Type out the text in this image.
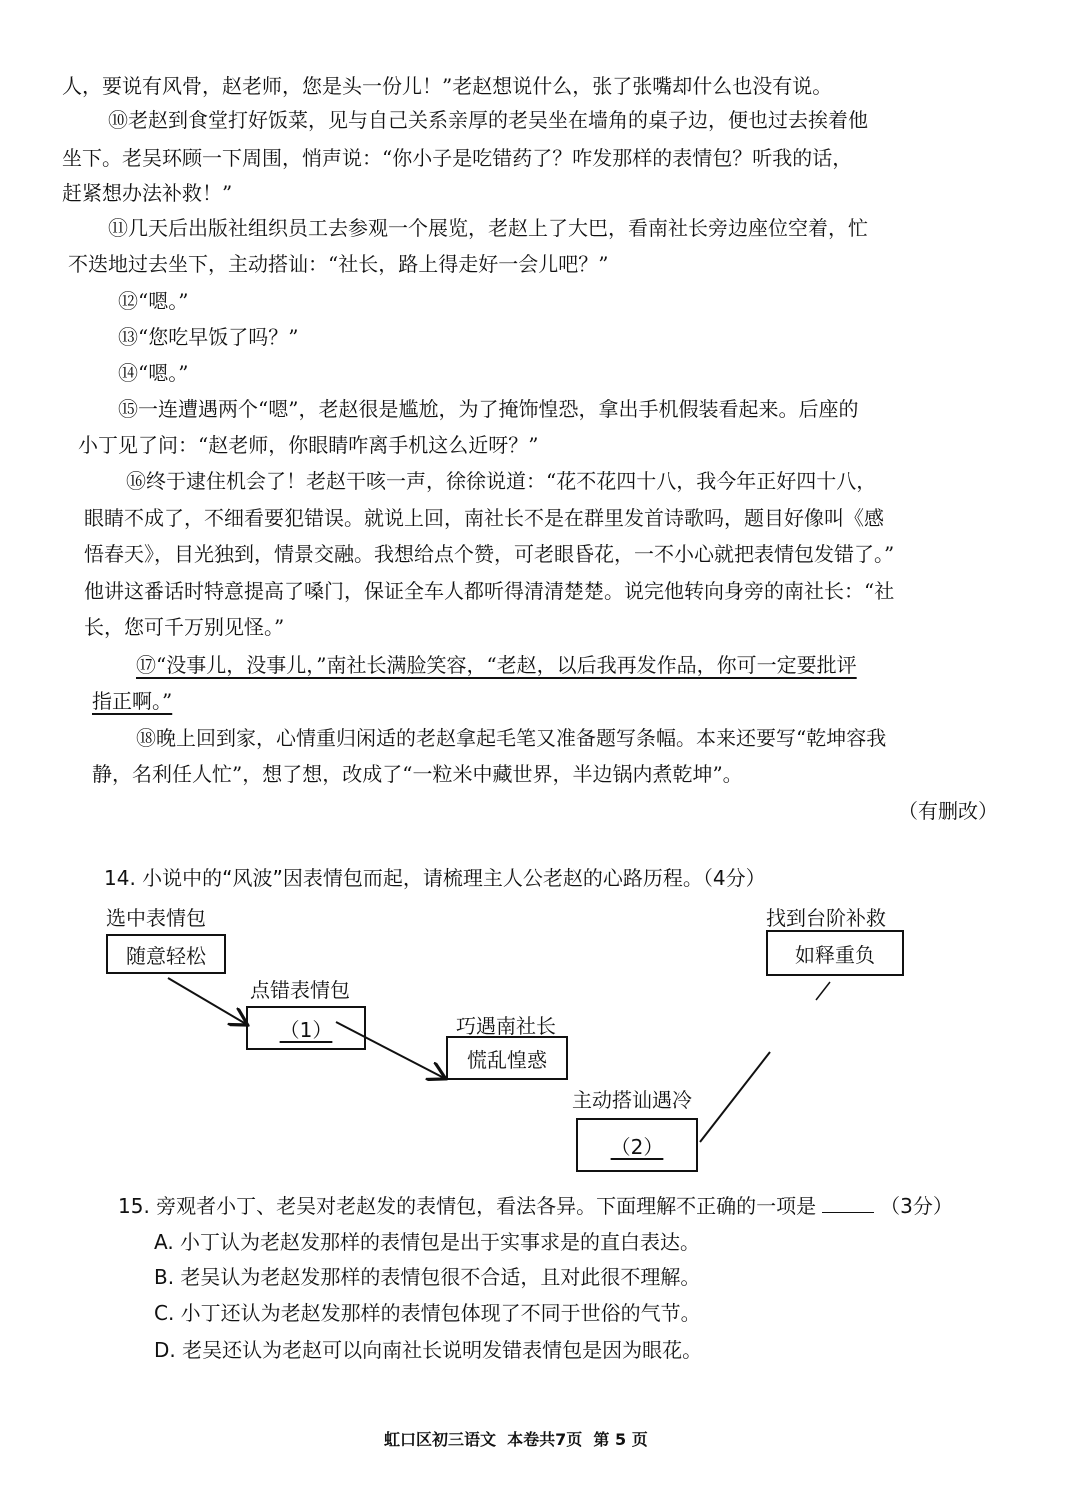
人，要说有风骨，赵老师，您是头一份儿！”老赵想说什么，张了张嘴却什么也没有说。
⑩老赵到食堂打好饭菜，见与自己关系亲厚的老吴坐在墙角的桌子边，便也过去挨着他
坐下。老吴环顾一下周围，悄声说：“你小子是吃错药了？咋发那样的表情包？听我的话，
赶紧想办法补救！”
⑪几天后出版社组织员工去参观一个展览，老赵上了大巴，看南社长旁边座位空着，忙
不迭地过去坐下，主动搭讪：“社长，路上得走好一会儿吧？”
⑫“嗯。”
⑬“您吃早饭了吗？”
⑭“嗯。”
⑮一连遭遇两个“嗯”，老赵很是尴尬，为了掩饰惶恐，拿出手机假装看起来。后座的
小丁见了问：“赵老师，你眼睛咋离手机这么近呀？”
⑯终于逮住机会了！老赵干咳一声，徐徐说道：“花不花四十八，我今年正好四十八，
眼睛不成了，不细看要犯错误。就说上回，南社长不是在群里发首诗歌吗，题目好像叫《感
悟春天》，目光独到，情景交融。我想给点个赞，可老眼昏花，一不小心就把表情包发错了。”
他讲这番话时特意提高了嗓门，保证全车人都听得清清楚楚。说完他转向身旁的南社长：“社
长，您可千万别见怪。”
⑰“没事儿，没事儿，”南社长满脸笑容，“老赵，以后我再发作品，你可一定要批评
指正啊。”
⑱晚上回到家，心情重归闲适的老赵拿起毛笔又准备题写条幅。本来还要写“乾坤容我
静，名利任人忙”，想了想，改成了“一粒米中藏世界，半边锅内煮乾坤”。
（有删改）
14. 小说中的“风波”因表情包而起，请梳理主人公老赵的心路历程。（4分）
选中表情包
随意轻松
点错表情包
（1）	巧遇南社长
慌乱惶惑
主动搭讪遇冷
（2）
找到台阶补救
如释重负
15. 旁观者小丁、老吴对老赵发的表情包，看法各异。下面理解不正确的一项是	（3分）
A. 小丁认为老赵发那样的表情包是出于实事求是的直白表达。
B. 老吴认为老赵发那样的表情包很不合适，且对此很不理解。
C. 小丁还认为老赵发那样的表情包体现了不同于世俗的气节。
D. 老吴还认为老赵可以向南社长说明发错表情包是因为眼花。
虹口区初三语文  本卷共7页  第 5 页
